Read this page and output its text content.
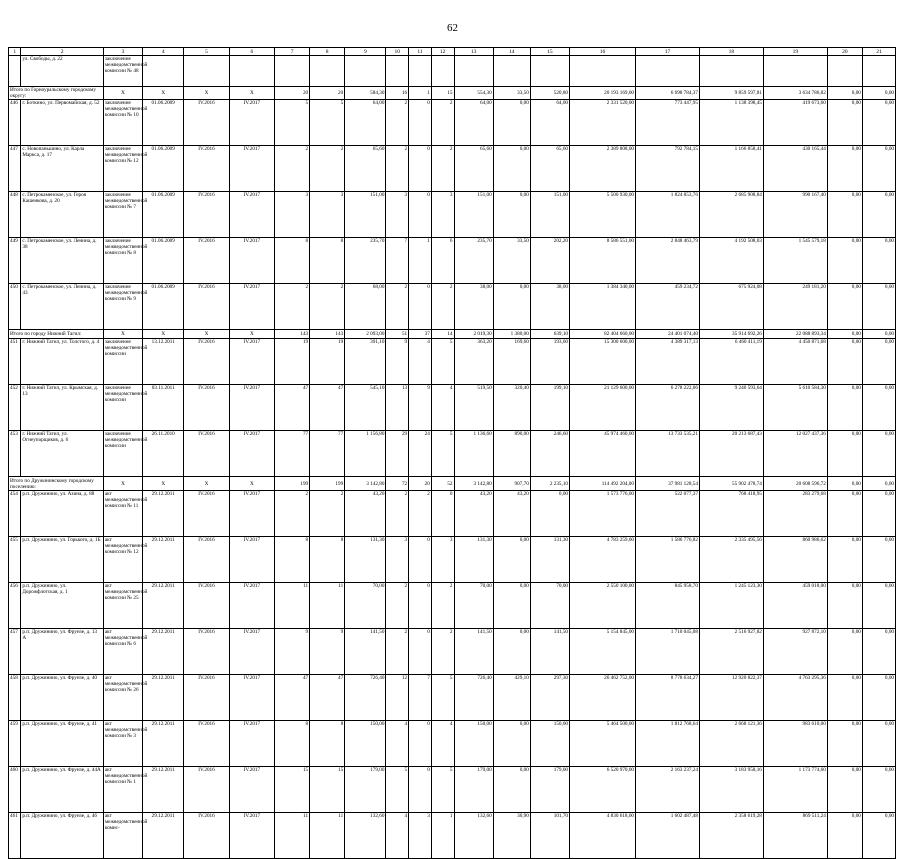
62
1	2	3	4	5	6	7	8	9	10	11	12	13	14	15	16	17	18	19	20	21
	ул. Свободы, д. 22	заключение межведомственной комиссии № 48																		
Итого по Горноуральскому городскому округу:		X	X	X	X	20	20	584,30	16	1	15	554,30	33,50	520,80	20 193 169,00	6 698 784,37	9 859 597,81	3 634 786,82	0,00	0,00
446	г. Боткино, ул. Первомайская, д. 52	заключение межведомственной комиссии № 10	01.06.2009	IV.2016	IV.2017	5	5	64,00	2	0	2	64,00	0,00	64,00	2 331 520,00	773 447,95	1 138 398,45	419 673,60	0,00	0,00
447	с. Новопаньшино, ул. Карла Маркса, д. 17	заключение межведомственной комиссии № 12	01.06.2009	IV.2016	IV.2017	2	2	65,60	2	0	2	65,60	0,00	65,60	2 389 808,00	792 784,15	1 166 858,41	430 165,44	0,00	0,00
448	с. Петрокаменское, ул. Героя Кашенкова, д. 20	заключение межведомственной комиссии № 7	01.06.2009	IV.2016	IV.2017	3	3	151,00	3	0	3	151,00	0,00	151,00	5 500 930,00	1 824 853,76	2 685 908,84	990 167,40	0,00	0,00
449	с. Петрокаменское, ул. Ленина, д. 38	заключение межведомственной комиссии № 8	01.06.2009	IV.2016	IV.2017	8	8	235,70	7	1	6	235,70	33,50	202,20	8 586 551,00	2 848 463,79	4 192 508,03	1 545 579,18	0,00	0,00
450	с. Петрокаменское, ул. Ленина, д. 43	заключение межведомственной комиссии № 9	01.06.2009	IV.2016	IV.2017	2	2	68,00	2	0	2	38,00	0,00	38,00	1 384 340,00	459 234,72	675 924,08	249 181,20	0,00	0,00
Итого по городу Нижний Тагил:		X	X	X	X	143	143	2 093,00	51	37	14	2 019,30	1 380,00	639,10	82 404 660,00	24 401 074,40	35 914 692,26	22 088 893,34	0,00	0,00
451	г. Нижний Тагил, ул. Толстого, д. 4	заключение межведомственной комиссии	13.12.2011	IV.2016	IV.2017	19	19	391,10	9	4	5	363,20	169,60	193,60	15 300 600,00	4 389 317,13	6 460 411,19	4 450 871,68	0,00	0,00
452	г. Нижний Тагил, ул. Крымская, д. 13	заключение межведомственной комиссии	03.11.2011	IV.2016	IV.2017	47	47	545,10	13	9	4	519,50	320,40	199,10	21 129 600,00	6 278 222,06	9 240 593,64	5 610 584,30	0,00	0,00
453	г. Нижний Тагил, ул. Огнеупорщиков, д. 6	заключение межведомственной комиссии	26.11.2010	IV.2016	IV.2017	77	77	1 156,80	29	24	5	1 136,60	890,00	246,60	45 974 460,00	13 733 535,21	20 213 687,43	12 027 437,36	0,00	0,00
Итого по Дружининскому городскому поселению:		X	X	X	X	199	199	3 142,80	72	20	52	3 142,80	907,70	2 235,10	114 492 204,00	37 981 128,54	55 902 478,74	20 608 596,72	0,00	0,00
454	р.п. Дружинино, ул. Азина, д. 88	акт межведомственной комиссии № 11	29.12.2011	IV.2016	IV.2017	2	2	43,20	2	2	0	43,20	43,20	0,00	1 573 776,00	522 077,37	768 418,95	283 279,68	0,00	0,00
455	р.п. Дружинино, ул. Горького, д. 1Б	акт межведомственной комиссии № 12	29.12.2011	IV.2016	IV.2017	8	8	131,30	3	0	3	131,30	0,00	131,30	4 783 259,00	1 586 776,82	2 335 495,56	860 986,62	0,00	0,00
456	р.п. Дружинино, ул. Дорожфлотская, д. 1	акт межведомственной комиссии № 25	29.12.2011	IV.2016	IV.2017	11	11	70,00	2	0	2	70,00	0,00	70,00	2 550 100,00	845 958,70	1 245 123,30	459 018,00	0,00	0,00
457	р.п. Дружинино, ул. Фрунзе, д. 13 А	акт межведомственной комиссии № 6	29.12.2011	IV.2016	IV.2017	9	9	141,50	2	0	2	141,50	0,00	141,50	5 154 845,00	1 710 045,08	2 516 927,82	927 872,10	0,00	0,00
458	р.п. Дружинино, ул. Фрунзе, д. 40	акт межведомственной комиссии № 26	29.12.2011	IV.2016	IV.2017	47	47	726,40	12	7	5	726,40	429,10	297,30	26 462 752,00	8 778 634,27	12 920 822,37	4 763 295,36	0,00	0,00
459	р.п. Дружинино, ул. Фрунзе, д. 41	акт межведомственной комиссии № 3	29.12.2011	IV.2016	IV.2017	8	8	150,00	4	0	4	150,00	0,00	150,00	5 464 500,00	1 812 768,64	2 668 121,36	983 610,00	0,00	0,00
460	р.п. Дружинино, ул. Фрунзе, д. 44А	акт межведомственной комиссии № 1	29.12.2011	IV.2016	IV.2017	15	15	179,00	5	0	5	179,00	0,00	179,00	6 520 970,00	2 163 237,24	3 183 958,16	1 173 774,60	0,00	0,00
461	р.п. Дружинино, ул. Фрунзе, д. 46	акт межведомственной комис-	29.12.2011	IV.2016	IV.2017	11	11	132,60	4	3	1	132,60	30,90	101,70	4 830 618,00	1 602 487,48	2 358 619,28	869 511,24	0,00	0,00
